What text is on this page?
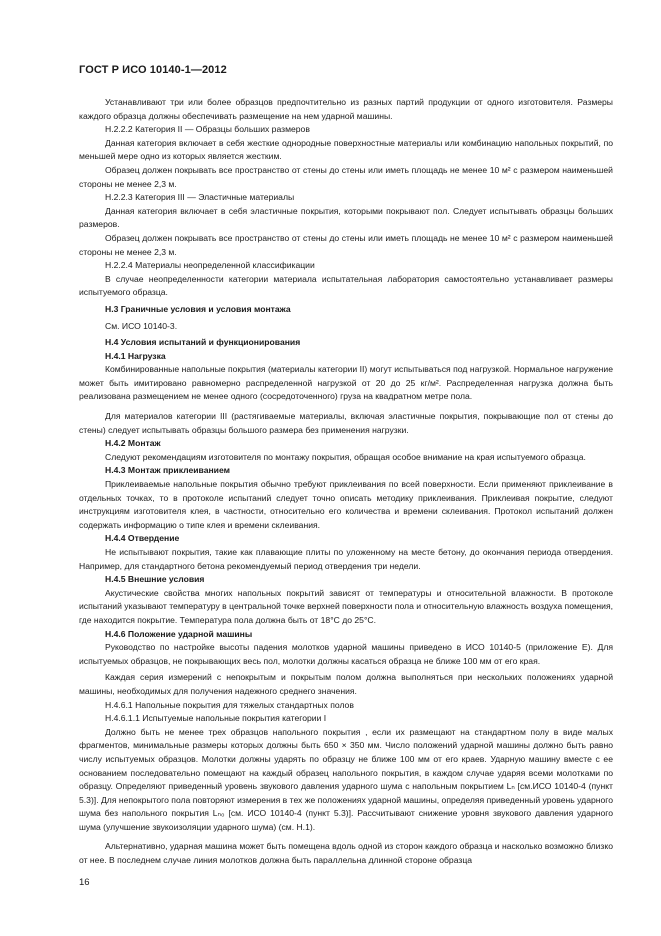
ГОСТ Р ИСО 10140-1—2012

Устанавливают три или более образцов предпочтительно из разных партий продукции от одного изготовителя. Размеры каждого образца должны обеспечивать размещение на нем ударной машины.

Н.2.2.2 Категория II — Образцы больших размеров

Данная категория включает в себя жесткие однородные поверхностные материалы или комбинацию напольных покрытий, по меньшей мере одно из которых является жестким.

Образец должен покрывать все пространство от стены до стены или иметь площадь не менее 10 м² с размером наименьшей стороны не менее 2,3 м.

Н.2.2.3 Категория III — Эластичные материалы

Данная категория включает в себя эластичные покрытия, которыми покрывают пол. Следует испытывать образцы больших размеров.

Образец должен покрывать все пространство от стены до стены или иметь площадь не менее 10 м² с размером наименьшей стороны не менее 2,3 м.

Н.2.2.4 Материалы неопределенной классификации

В случае неопределенности категории материала испытательная лаборатория самостоятельно устанавливает размеры испытуемого образца.

Н.3 Граничные условия и условия монтажа

См. ИСО 10140-3.

Н.4 Условия испытаний и функционирования

Н.4.1 Нагрузка

Комбинированные напольные покрытия (материалы категории II) могут испытываться под нагрузкой. Нормальное нагружение может быть имитировано равномерно распределенной нагрузкой от 20 до 25 кг/м². Распределенная нагрузка должна быть реализована размещением не менее одного (сосредоточенного) груза на квадратном метре пола.

Для материалов категории III (растягиваемые материалы, включая эластичные покрытия, покрывающие пол от стены до стены) следует испытывать образцы большого размера без применения нагрузки.

Н.4.2 Монтаж

Следуют рекомендациям изготовителя по монтажу покрытия, обращая особое внимание на края испытуемого образца.

Н.4.3 Монтаж приклеиванием

Приклеиваемые напольные покрытия обычно требуют приклеивания по всей поверхности. Если применяют приклеивание в отдельных точках, то в протоколе испытаний следует точно описать методику приклеивания. Приклеивая покрытие, следуют инструкциям изготовителя клея, в частности, относительно его количества и времени склеивания. Протокол испытаний должен содержать информацию о типе клея и времени склеивания.

Н.4.4 Отвердение

Не испытывают покрытия, такие как плавающие плиты по уложенному на месте бетону, до окончания периода отвердения. Например, для стандартного бетона рекомендуемый период отвердения три недели.

Н.4.5 Внешние условия

Акустические свойства многих напольных покрытий зависят от температуры и относительной влажности. В протоколе испытаний указывают температуру в центральной точке верхней поверхности пола и относительную влажность воздуха помещения, где находится покрытие. Температура пола должна быть от 18°С до 25°С.

Н.4.6 Положение ударной машины

Руководство по настройке высоты падения молотков ударной машины приведено в ИСО 10140-5 (приложение Е). Для испытуемых образцов, не покрывающих весь пол, молотки должны касаться образца не ближе 100 мм от его края.

Каждая серия измерений с непокрытым и покрытым полом должна выполняться при нескольких положениях ударной машины, необходимых для получения надежного среднего значения.

Н.4.6.1 Напольные покрытия для тяжелых стандартных полов

Н.4.6.1.1 Испытуемые напольные покрытия категории I

Должно быть не менее трех образцов напольного покрытия , если их размещают на стандартном полу в виде малых фрагментов, минимальные размеры которых должны быть 650 × 350 мм. Число положений ударной машины должно быть равно числу испытуемых образцов. Молотки должны ударять по образцу не ближе 100 мм от его краев. Ударную машину вместе с ее основанием последовательно помещают на каждый образец напольного покрытия, в каждом случае ударяя всеми молотками по образцу. Определяют приведенный уровень звукового давления ударного шума с напольным покрытием Lₙ [см.ИСО 10140-4 (пункт 5.3)]. Для непокрытого пола повторяют измерения в тех же положениях ударной машины, определяя приведенный уровень ударного шума без напольного покрытия Lₙ₀ [см. ИСО 10140-4 (пункт 5.3)]. Рассчитывают снижение уровня звукового давления ударного шума (улучшение звукоизоляции ударного шума) (см. Н.1).

Альтернативно, ударная машина может быть помещена вдоль одной из сторон каждого образца и насколько возможно близко от нее. В последнем случае линия молотков должна быть параллельна длинной стороне образца

16
